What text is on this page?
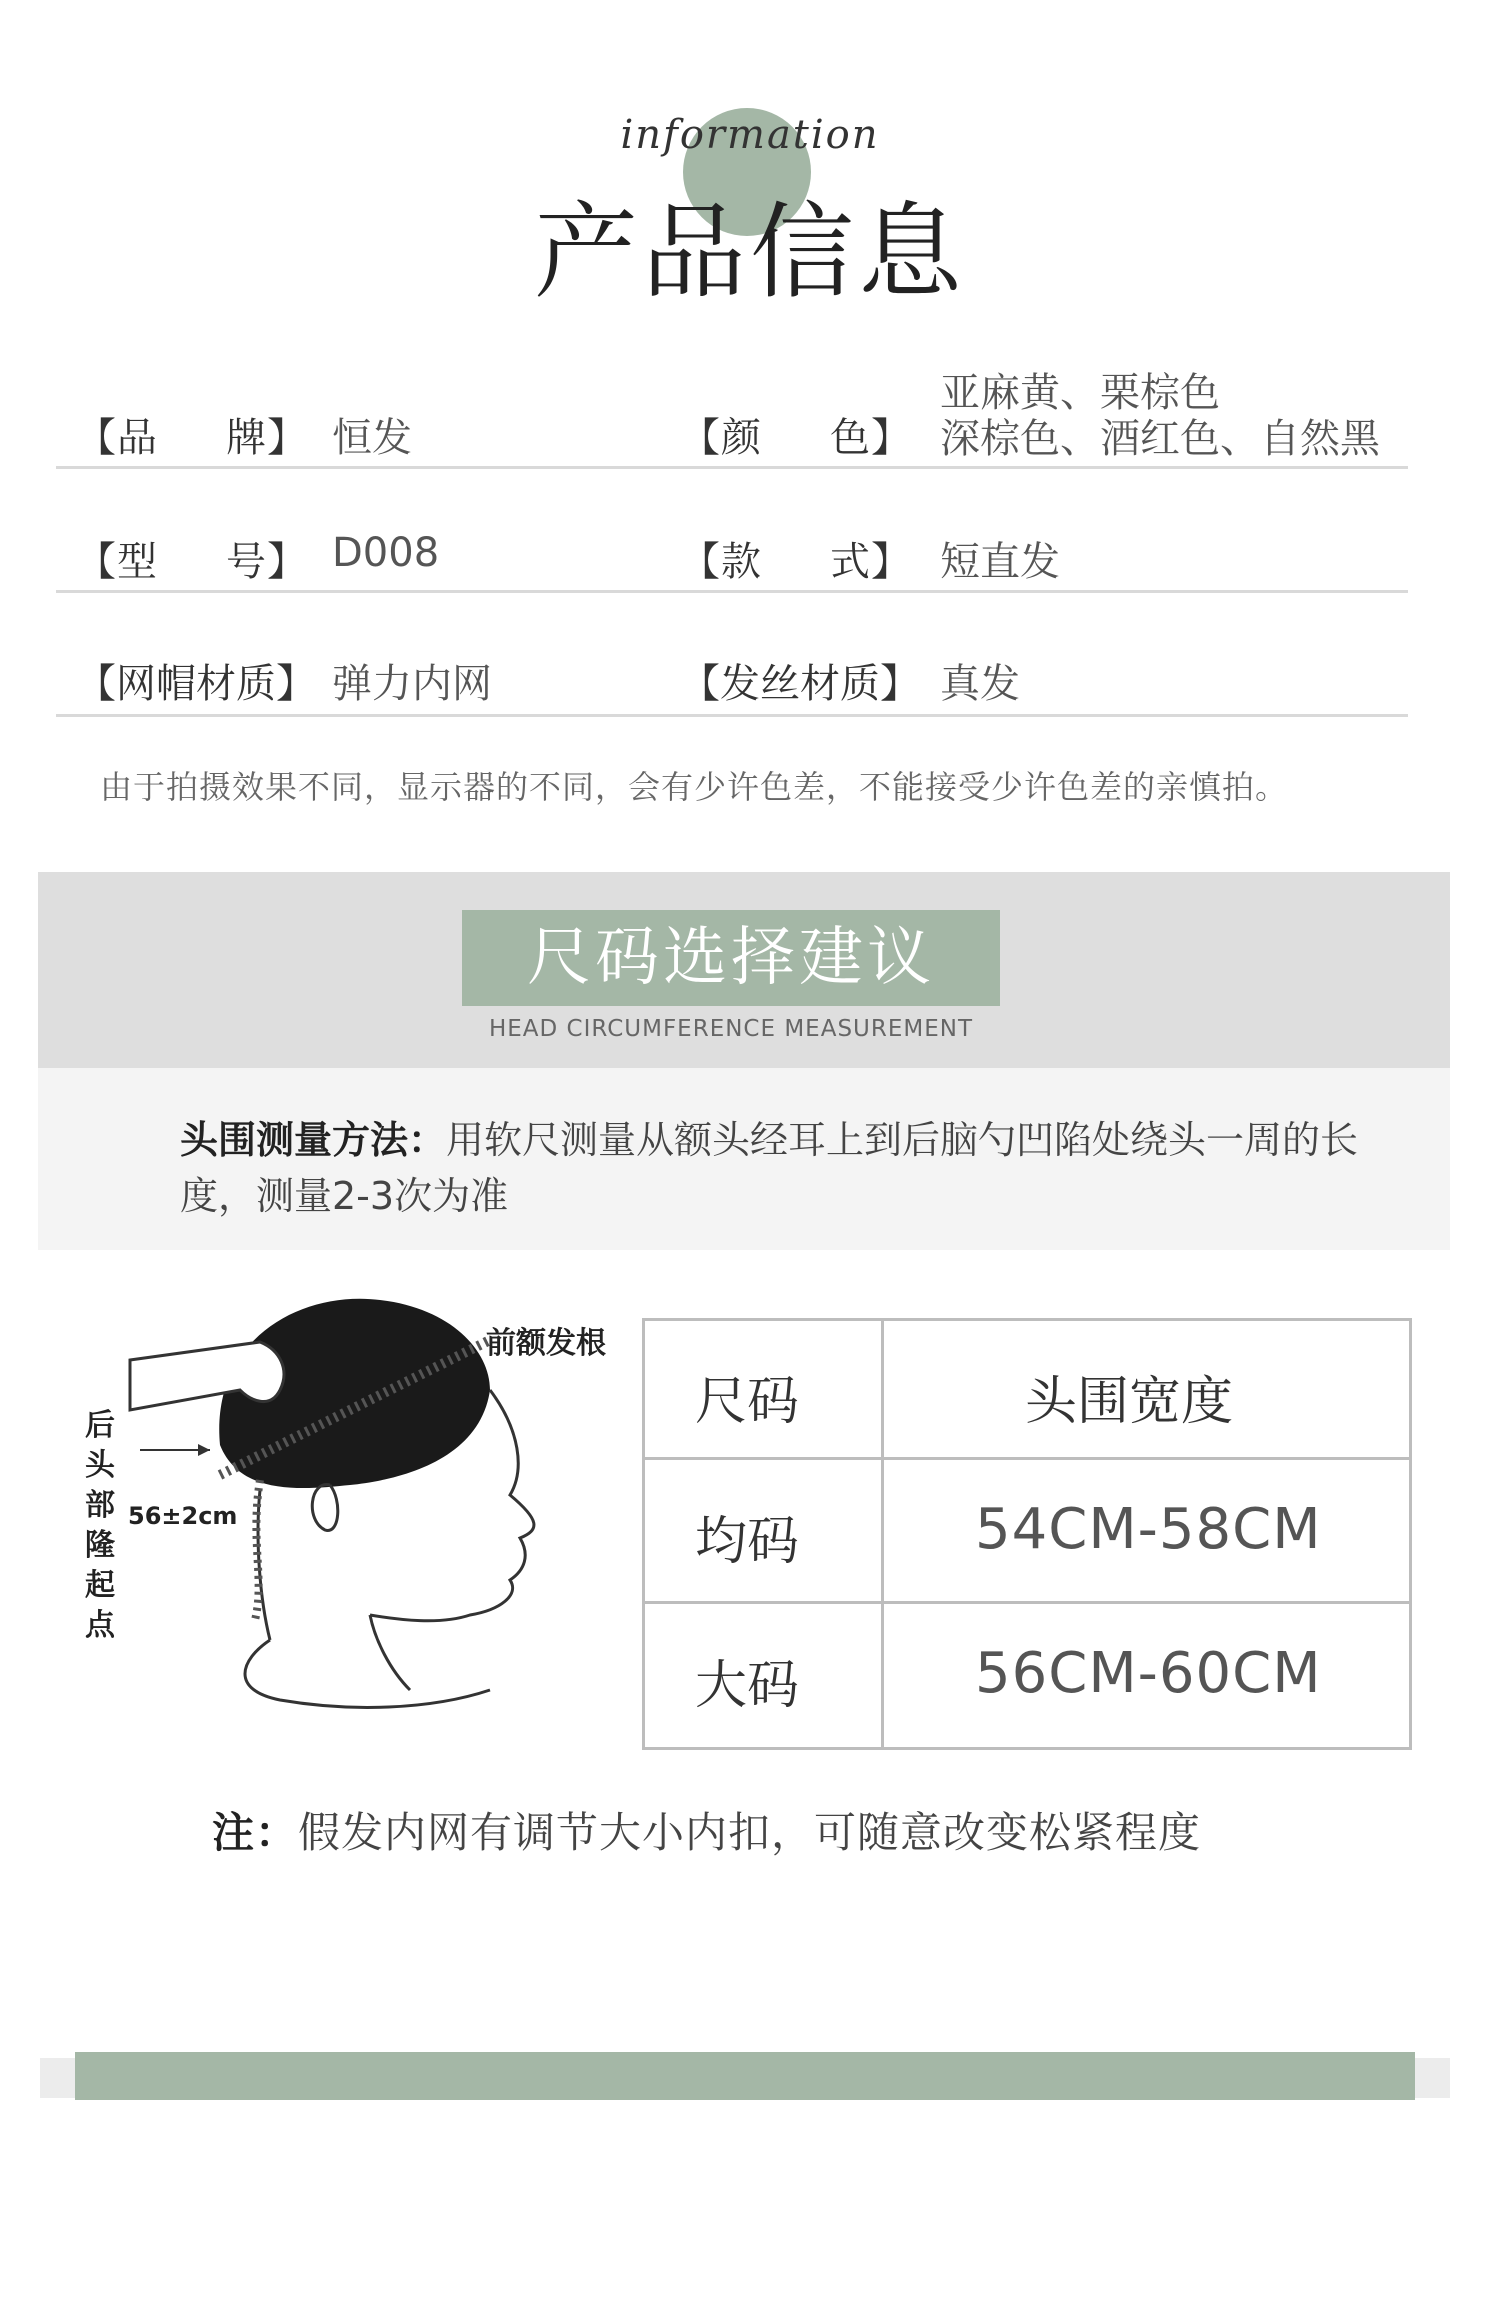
information
产品信息
【品 牌】 恒发	【颜 色】
亚麻黄、栗棕色
深棕色、酒红色、自然黑
【型 号】 D008	【款 式】 短直发
【网帽材质】 弹力内网	【发丝材质】 真发
由于拍摄效果不同，显示器的不同，会有少许色差，不能接受少许色差的亲慎拍。
尺码选择建议
HEAD CIRCUMFERENCE MEASUREMENT
头围测量方法：用软尺测量从额头经耳上到后脑勺凹陷处绕头一周的长度，测量2-3次为准
前额发根
后
头
部
隆
起
点
56±2cm
尺码	头围宽度
均码	54CM-58CM
大码	56CM-60CM
注：假发内网有调节大小内扣，可随意改变松紧程度
